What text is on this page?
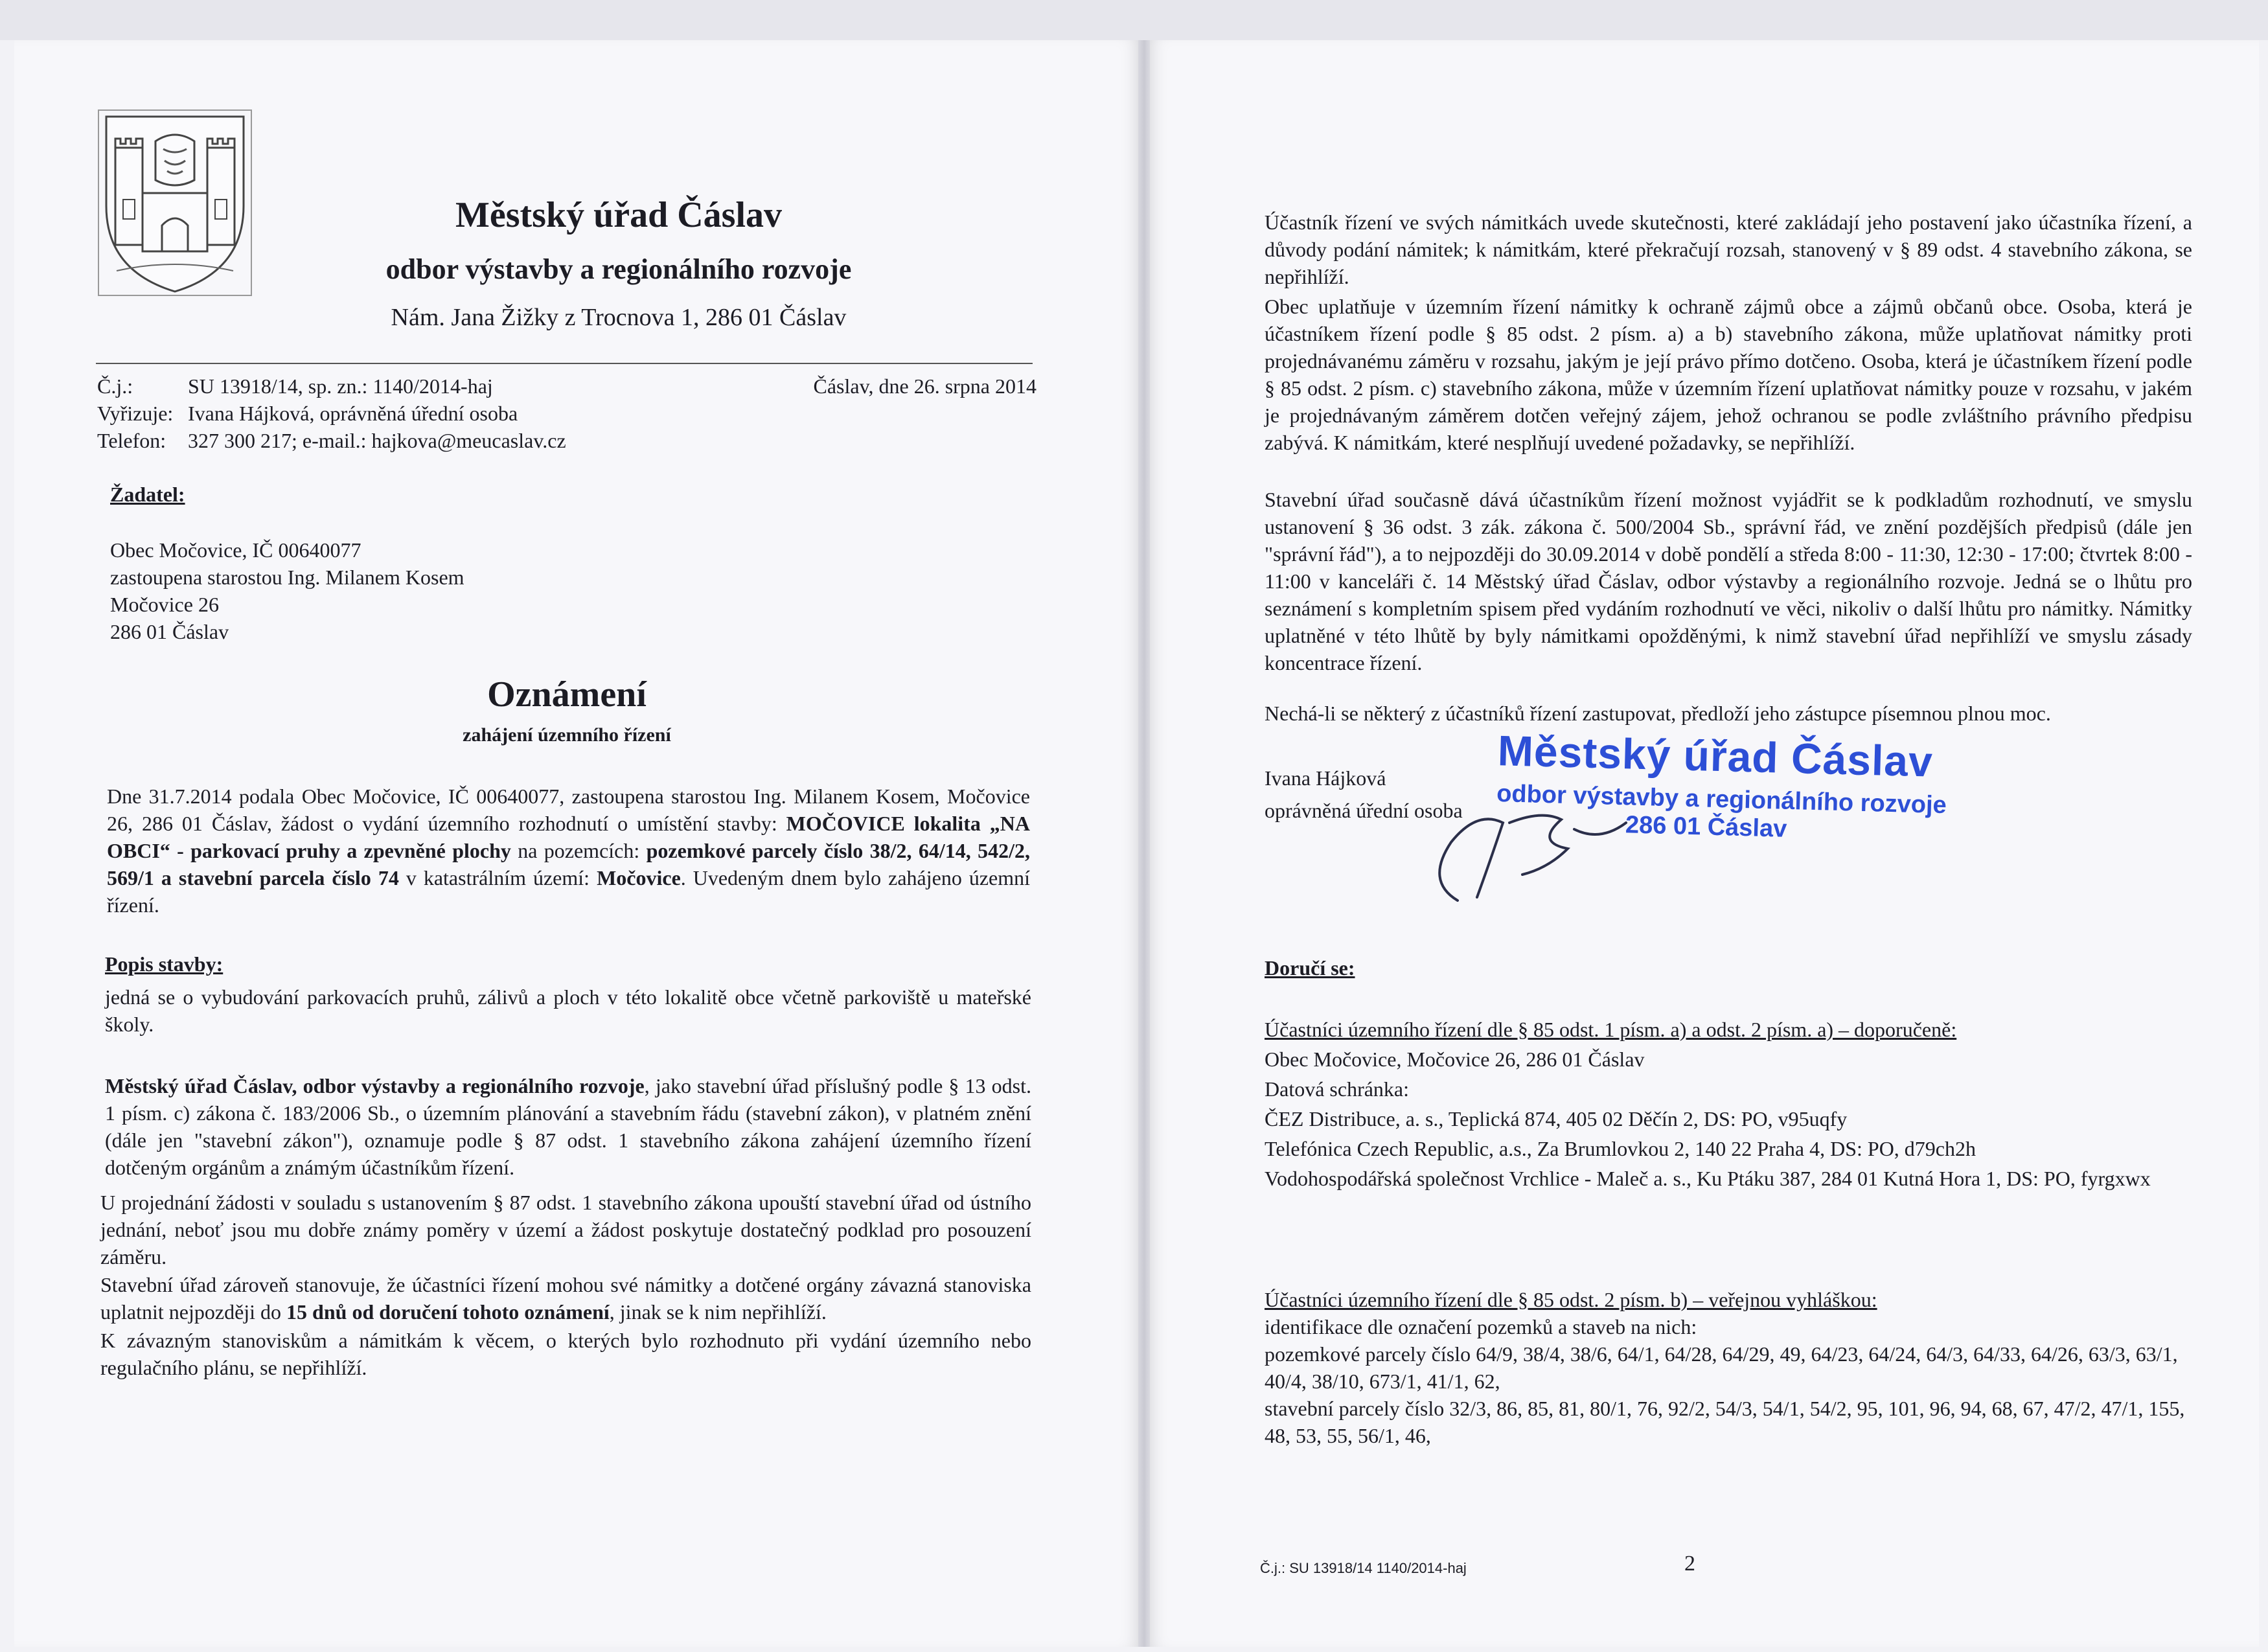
Městský úřad Čáslav
odbor výstavby a regionálního rozvoje
Nám. Jana Žižky z Trocnova 1, 286 01 Čáslav
Č.j.:	SU 13918/14, sp. zn.: 1140/2014-haj	Čáslav, dne 26. srpna 2014
Vyřizuje: Ivana Hájková, oprávněná úřední osoba
Telefon: 327 300 217; e-mail.: hajkova@meucaslav.cz
Žadatel:
Obec Močovice, IČ 00640077
zastoupena starostou Ing. Milanem Kosem
Močovice 26
286 01 Čáslav
Oznámení
zahájení územního řízení
Dne 31.7.2014 podala Obec Močovice, IČ 00640077, zastoupena starostou Ing. Milanem Kosem, Močovice 26, 286 01 Čáslav, žádost o vydání územního rozhodnutí o umístění stavby: MOČOVICE lokalita „NA OBCI“ - parkovací pruhy a zpevněné plochy na pozemcích: pozemkové parcely číslo 38/2, 64/14, 542/2, 569/1 a stavební parcela číslo 74 v katastrálním území: Močovice. Uvedeným dnem bylo zahájeno územní řízení.
Popis stavby:
jedná se o vybudování parkovacích pruhů, zálivů a ploch v této lokalitě obce včetně parkoviště u mateřské školy.
Městský úřad Čáslav, odbor výstavby a regionálního rozvoje, jako stavební úřad příslušný podle § 13 odst. 1 písm. c) zákona č. 183/2006 Sb., o územním plánování a stavebním řádu (stavební zákon), v platném znění (dále jen "stavební zákon"), oznamuje podle § 87 odst. 1 stavebního zákona zahájení územního řízení dotčeným orgánům a známým účastníkům řízení.
U projednání žádosti v souladu s ustanovením § 87 odst. 1 stavebního zákona upouští stavební úřad od ústního jednání, neboť jsou mu dobře známy poměry v území a žádost poskytuje dostatečný podklad pro posouzení záměru.
Stavební úřad zároveň stanovuje, že účastníci řízení mohou své námitky a dotčené orgány závazná stanoviska uplatnit nejpozději do 15 dnů od doručení tohoto oznámení, jinak se k nim nepřihlíží.
K závazným stanoviskům a námitkám k věcem, o kterých bylo rozhodnuto při vydání územního nebo regulačního plánu, se nepřihlíží.
Účastník řízení ve svých námitkách uvede skutečnosti, které zakládají jeho postavení jako účastníka řízení, a důvody podání námitek; k námitkám, které překračují rozsah, stanovený v § 89 odst. 4 stavebního zákona, se nepřihlíží.
Obec uplatňuje v územním řízení námitky k ochraně zájmů obce a zájmů občanů obce. Osoba, která je účastníkem řízení podle § 85 odst. 2 písm. a) a b) stavebního zákona, může uplatňovat námitky proti projednávanému záměru v rozsahu, jakým je její právo přímo dotčeno. Osoba, která je účastníkem řízení podle § 85 odst. 2 písm. c) stavebního zákona, může v územním řízení uplatňovat námitky pouze v rozsahu, v jakém je projednávaným záměrem dotčen veřejný zájem, jehož ochranou se podle zvláštního právního předpisu zabývá. K námitkám, které nesplňují uvedené požadavky, se nepřihlíží.
Stavební úřad současně dává účastníkům řízení možnost vyjádřit se k podkladům rozhodnutí, ve smyslu ustanovení § 36 odst. 3 zák. zákona č. 500/2004 Sb., správní řád, ve znění pozdějších předpisů (dále jen "správní řád"), a to nejpozději do 30.09.2014 v době pondělí a středa 8:00 - 11:30, 12:30 - 17:00; čtvrtek 8:00 - 11:00 v kanceláři č. 14 Městský úřad Čáslav, odbor výstavby a regionálního rozvoje. Jedná se o lhůtu pro seznámení s kompletním spisem před vydáním rozhodnutí ve věci, nikoliv o další lhůtu pro námitky. Námitky uplatněné v této lhůtě by byly námitkami opožděnými, k nimž stavební úřad nepřihlíží ve smyslu zásady koncentrace řízení.
Nechá-li se některý z účastníků řízení zastupovat, předloží jeho zástupce písemnou plnou moc.
Ivana Hájková
oprávněná úřední osoba
Městský úřad Čáslav
odbor výstavby a regionálního rozvoje
286 01 Čáslav
Doručí se:
Účastníci územního řízení dle § 85 odst. 1 písm. a) a odst. 2 písm. a) – doporučeně:
Obec Močovice, Močovice 26, 286 01 Čáslav
Datová schránka:
ČEZ Distribuce, a. s., Teplická 874, 405 02 Děčín 2, DS: PO, v95uqfy
Telefónica Czech Republic, a.s., Za Brumlovkou 2, 140 22 Praha 4, DS: PO, d79ch2h
Vodohospodářská společnost Vrchlice - Maleč a. s., Ku Ptáku 387, 284 01 Kutná Hora 1, DS: PO, fyrgxwx
Účastníci územního řízení dle § 85 odst. 2 písm. b) – veřejnou vyhláškou:
identifikace dle označení pozemků a staveb na nich:
pozemkové parcely číslo 64/9, 38/4, 38/6, 64/1, 64/28, 64/29, 49, 64/23, 64/24, 64/3, 64/33, 64/26, 63/3, 63/1, 40/4, 38/10, 673/1, 41/1, 62,
stavební parcely číslo 32/3, 86, 85, 81, 80/1, 76, 92/2, 54/3, 54/1, 54/2, 95, 101, 96, 94, 68, 67, 47/2, 47/1, 155, 48, 53, 55, 56/1, 46,
Č.j.: SU 13918/14 1140/2014-haj	2
